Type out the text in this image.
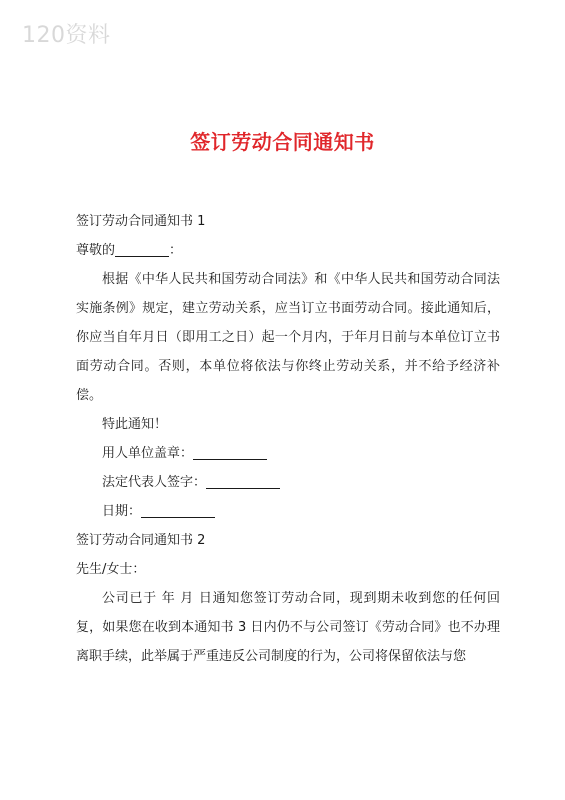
120资料
签订劳动合同通知书

签订劳动合同通知书 1

尊敬的	：

根据《中华人民共和国劳动合同法》和《中华人民共和国劳动合同法实施条例》规定，建立劳动关系，应当订立书面劳动合同。接此通知后，你应当自年月日（即用工之日）起一个月内，于年月日前与本单位订立书面劳动合同。否则，本单位将依法与你终止劳动关系，并不给予经济补偿。

特此通知！

用人单位盖章：

法定代表人签字：

日期：

签订劳动合同通知书 2

先生/女士：

公司已于 年 月 日通知您签订劳动合同，现到期未收到您的任何回复，如果您在收到本通知书 3 日内仍不与公司签订《劳动合同》也不办理离职手续，此举属于严重违反公司制度的行为，公司将保留依法与您
